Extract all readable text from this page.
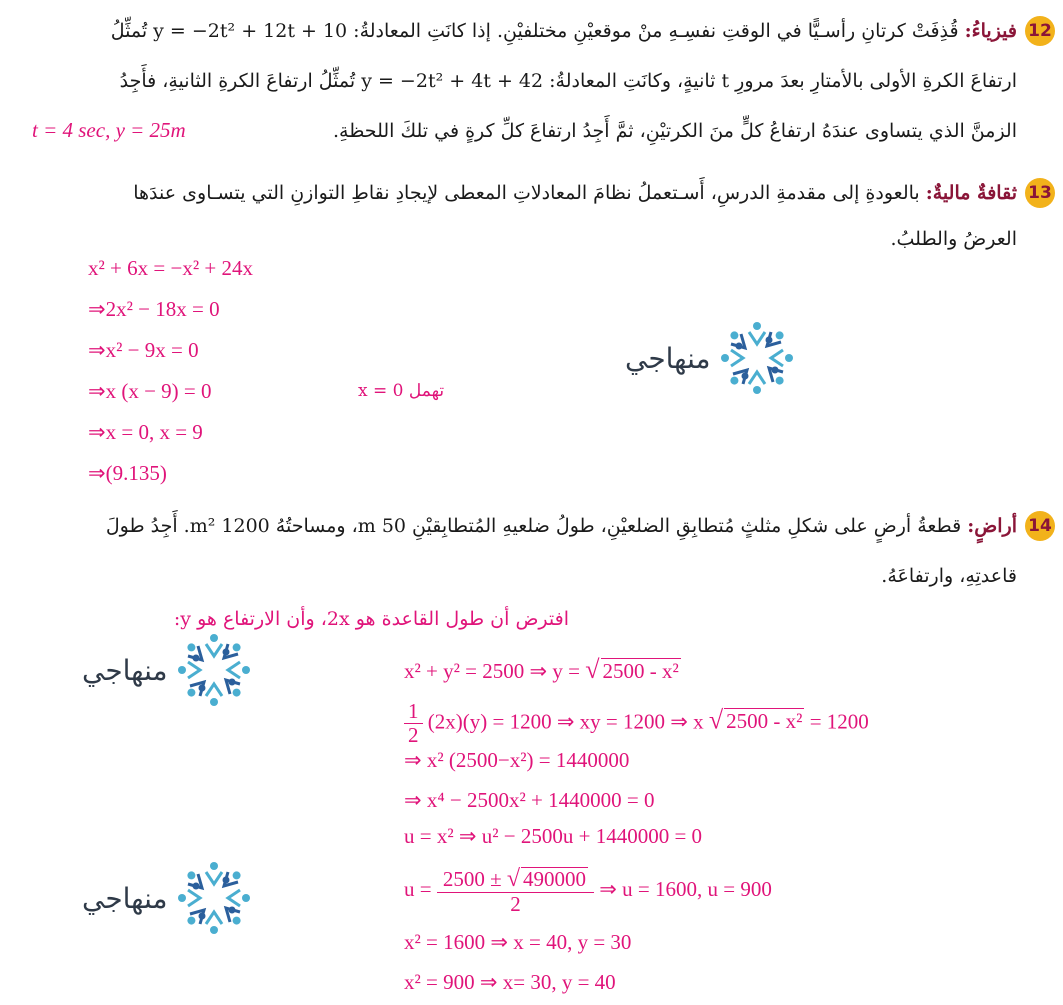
12
فيزياءُ: قُذِفَتْ كرتانِ رأسـيًّا في الوقتِ نفسِـهِ منْ موقعيْنِ مختلفيْنِ. إذا كانَتِ المعادلةُ: y = −2t² + 12t + 10 تُمثِّلُ
ارتفاعَ الكرةِ الأولى بالأمتارِ بعدَ مرورِ t ثانيةٍ، وكانَتِ المعادلةُ: y = −2t² + 4t + 42 تُمثِّلُ ارتفاعَ الكرةِ الثانيةِ، فأَجِدُ
الزمنَّ الذي يتساوى عندَهُ ارتفاعُ كلٍّ منَ الكرتيْنِ، ثمَّ أَجِدُ ارتفاعَ كلِّ كرةٍ في تلكَ اللحظةِ.
t = 4 sec, y = 25m
13
ثقافةٌ ماليةٌ: بالعودةِ إلى مقدمةِ الدرسِ، أَسـتعملُ نظامَ المعادلاتِ المعطى لإيجادِ نقاطِ التوازنِ التي يتسـاوى عندَها
العرضُ والطلبُ.
x² + 6x = −x² + 24x
⇒2x² − 18x = 0
⇒x² − 9x = 0
⇒x (x − 9) = 0
⇒x = 0, x = 9
⇒(9.135)
تهمل x = 0
منهاجي
14
أراضٍ: قطعةُ أرضٍ على شكلِ مثلثٍ مُتطابِقِ الضلعيْنِ، طولُ ضلعيهِ المُتطابِقيْنِ 50 m، ومساحتُهُ 1200 m². أَجِدُ طولَ
قاعدتِهِ، وارتفاعَهُ.
افترض أن طول القاعدة هو 2x، وأن الارتفاع هو y:
x² + y² = 2500 ⇒ y = √ 2500 - x²
$\frac{1}{2} (2x)(y) = 1200$ ⇒ xy = 1200 ⇒ x √ 2500 - x² = 1200
⇒ x² (2500−x²) = 1440000
⇒ x⁴ − 2500x² + 1440000 = 0
u = x² ⇒ u² − 2500u + 1440000 = 0
$u = \frac{2500 \pm √ 490000}{2}$ ⇒ u = 1600, u = 900
x² = 1600 ⇒ x = 40, y = 30
x² = 900 ⇒ x= 30, y = 40
منهاجي
منهاجي
